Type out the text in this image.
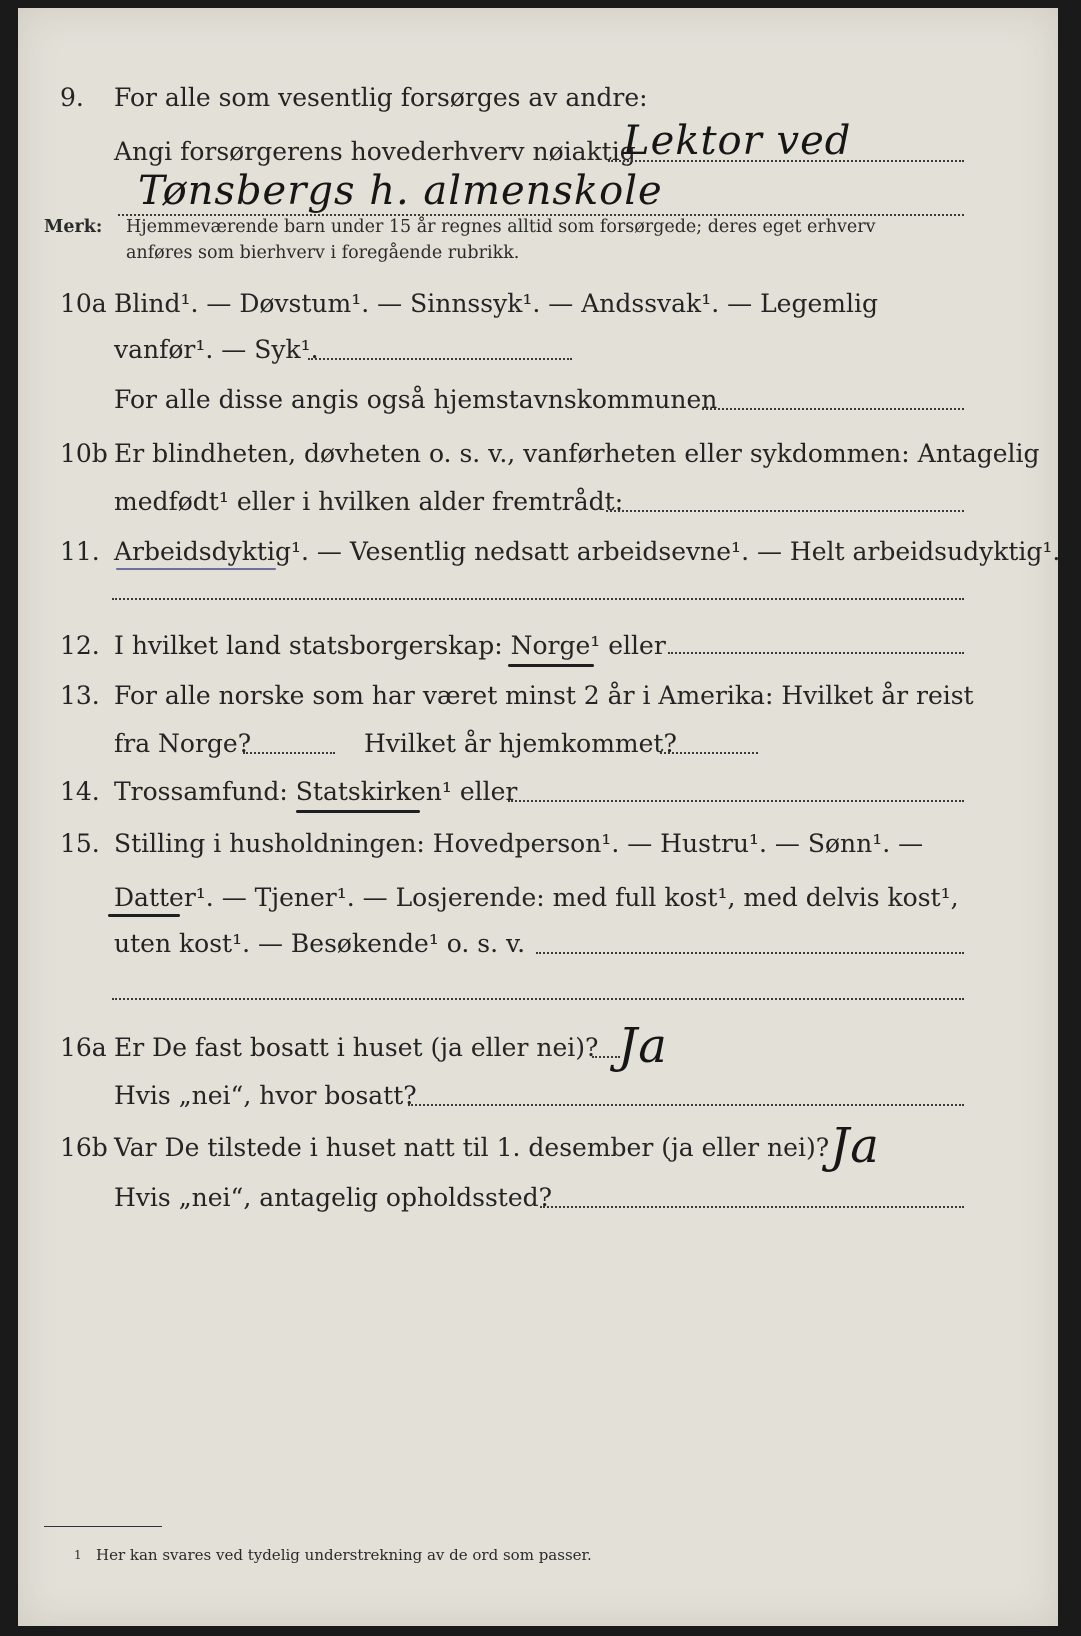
9. For alle som vesentlig forsørges av andre:
Angi forsørgerens hovederhverv nøiaktig
Lektor ved
Tønsbergs h. almenskole
Merk: Hjemmeværende barn under 15 år regnes alltid som forsørgede; deres eget erhverv
anføres som bierhverv i foregående rubrikk.
10a Blind¹. — Døvstum¹. — Sinnssyk¹. — Andssvak¹. — Legemlig
vanfør¹. — Syk¹.
For alle disse angis også hjemstavnskommunen
10b Er blindheten, døvheten o. s. v., vanførheten eller sykdommen: Antagelig
medfødt¹ eller i hvilken alder fremtrådt:
11. Arbeidsdyktig¹. — Vesentlig nedsatt arbeidsevne¹. — Helt arbeidsudyktig¹.
12. I hvilket land statsborgerskap: Norge¹ eller
13. For alle norske som har været minst 2 år i Amerika: Hvilket år reist
fra Norge?	Hvilket år hjemkommet?
14. Trossamfund: Statskirken¹ eller
15. Stilling i husholdningen: Hovedperson¹. — Hustru¹. — Sønn¹. —
Datter¹. — Tjener¹. — Losjerende: med full kost¹, med delvis kost¹,
uten kost¹. — Besøkende¹ o. s. v.
16a Er De fast bosatt i huset (ja eller nei)? Ja
Hvis „nei“, hvor bosatt?
16b Var De tilstede i huset natt til 1. desember (ja eller nei)? Ja
Hvis „nei“, antagelig opholdssted?
1 Her kan svares ved tydelig understrekning av de ord som passer.
